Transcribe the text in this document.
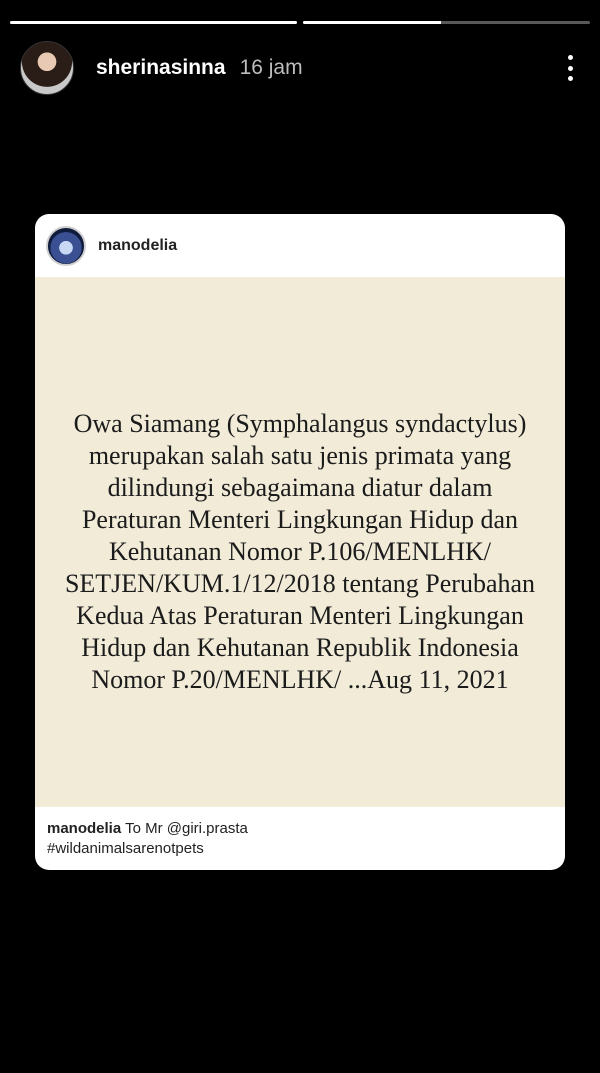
sherinasinna 16 jam
manodelia
Owa Siamang (Symphalangus syndactylus) merupakan salah satu jenis primata yang dilindungi sebagaimana diatur dalam Peraturan Menteri Lingkungan Hidup dan Kehutanan Nomor P.106/MENLHK/ SETJEN/KUM.1/12/2018 tentang Perubahan Kedua Atas Peraturan Menteri Lingkungan Hidup dan Kehutanan Republik Indonesia Nomor P.20/MENLHK/ ...Aug 11, 2021
manodelia To Mr @giri.prasta
#wildanimalsarenotpets
